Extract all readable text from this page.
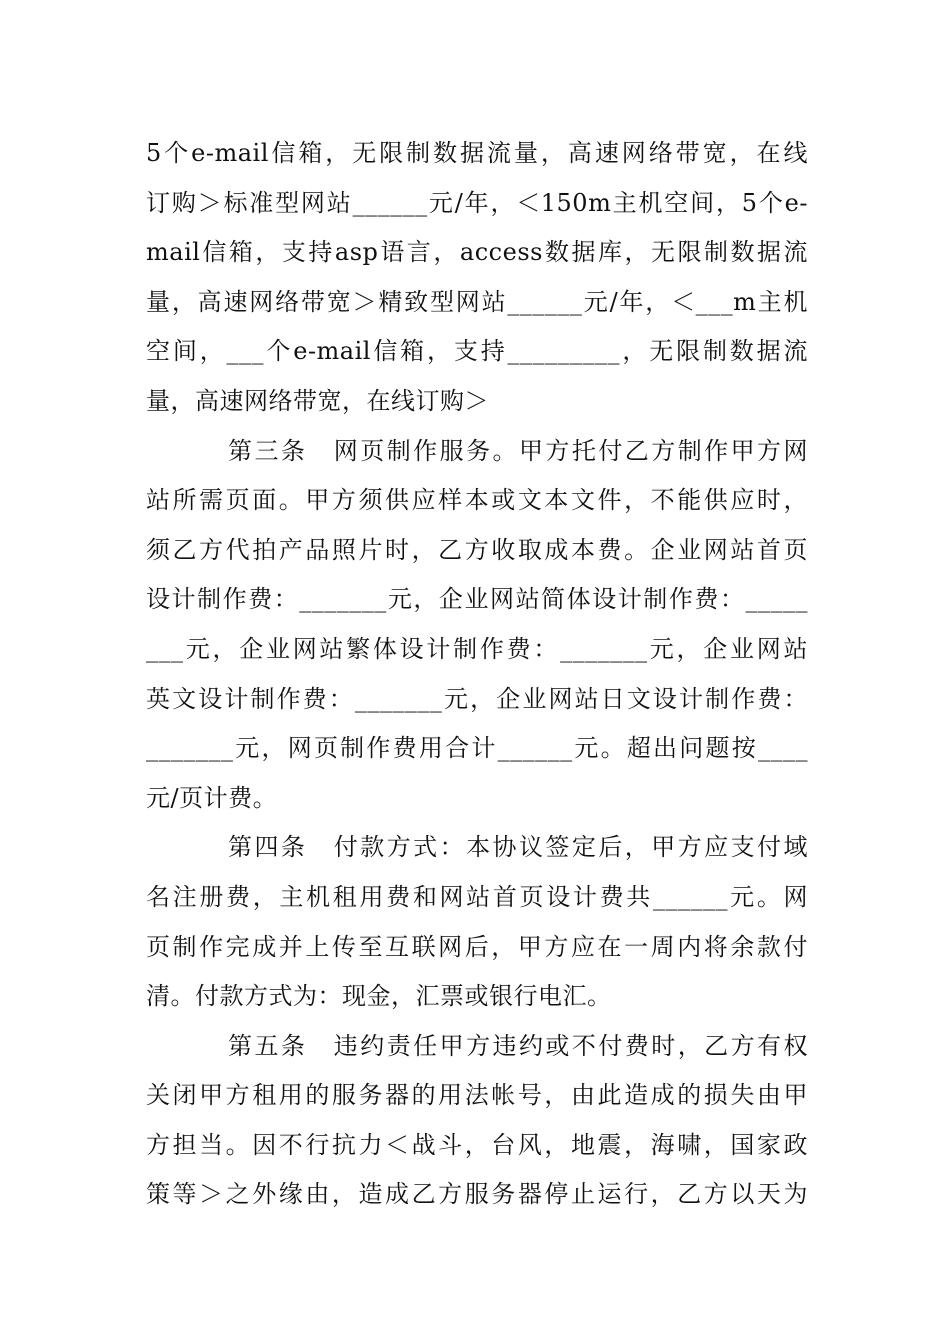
5个e-mail信箱，无限制数据流量，高速网络带宽，在线
订购＞标准型网站______元/年，＜150m主机空间，5个e-
mail信箱，支持asp语言，access数据库，无限制数据流
量，高速网络带宽＞精致型网站______元/年，＜___m主机
空间，___个e-mail信箱，支持_________，无限制数据流
量，高速网络带宽，在线订购＞
第三条　网页制作服务。甲方托付乙方制作甲方网
站所需页面。甲方须供应样本或文本文件，不能供应时，
须乙方代拍产品照片时，乙方收取成本费。企业网站首页
设计制作费：_______元，企业网站简体设计制作费：_____
___元，企业网站繁体设计制作费：_______元，企业网站
英文设计制作费：_______元，企业网站日文设计制作费：
_______元，网页制作费用合计______元。超出问题按____
元/页计费。
第四条　付款方式：本协议签定后，甲方应支付域
名注册费，主机租用费和网站首页设计费共______元。网
页制作完成并上传至互联网后，甲方应在一周内将余款付
清。付款方式为：现金，汇票或银行电汇。
第五条　违约责任甲方违约或不付费时，乙方有权
关闭甲方租用的服务器的用法帐号，由此造成的损失由甲
方担当。因不行抗力＜战斗，台风，地震，海啸，国家政
策等＞之外缘由，造成乙方服务器停止运行，乙方以天为
